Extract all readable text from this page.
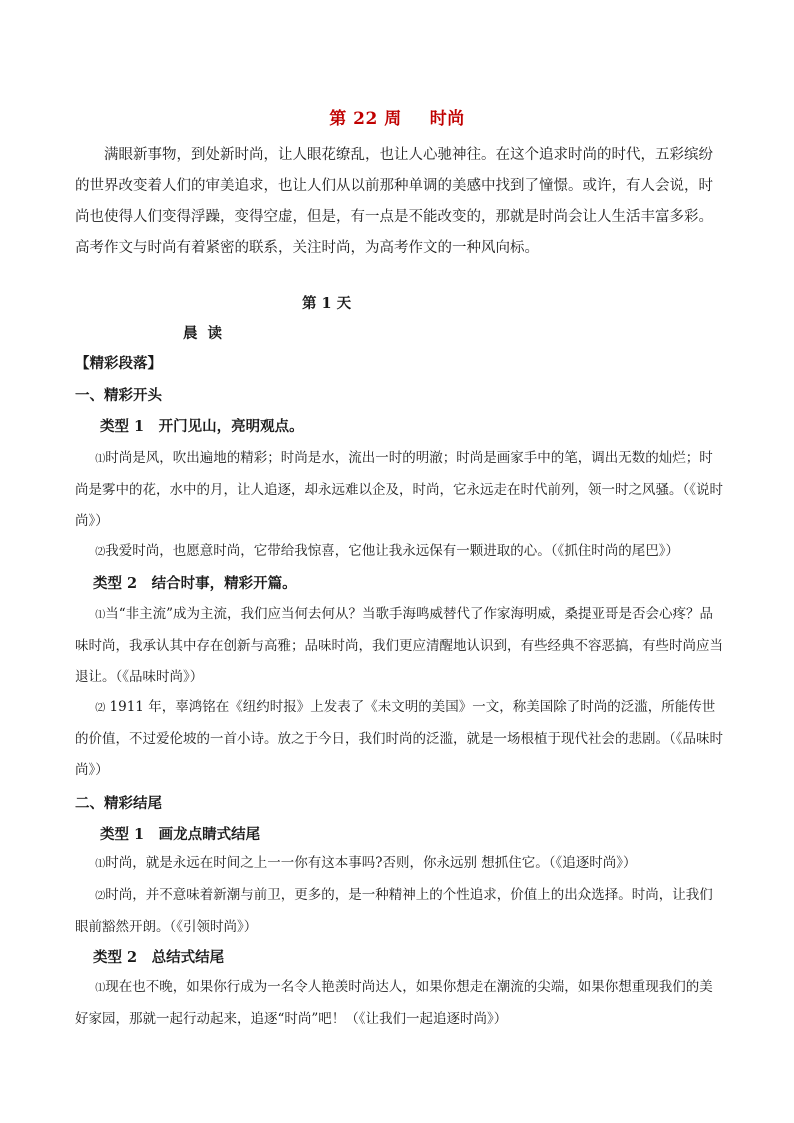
第 22 周 时尚

满眼新事物，到处新时尚，让人眼花缭乱，也让人心驰神往。在这个追求时尚的时代，五彩缤纷的世界改变着人们的审美追求，也让人们从以前那种单调的美感中找到了憧憬。或许，有人会说，时尚也使得人们变得浮躁，变得空虚，但是，有一点是不能改变的，那就是时尚会让人生活丰富多彩。高考作文与时尚有着紧密的联系，关注时尚，为高考作文的一种风向标。

第 1 天
晨读
【精彩段落】
一、精彩开头
类型 1　开门见山，亮明观点。

⑴时尚是风，吹出遍地的精彩；时尚是水，流出一时的明澈；时尚是画家手中的笔，调出无数的灿烂；时尚是雾中的花，水中的月，让人追逐，却永远难以企及，时尚，它永远走在时代前列，领一时之风骚。（《说时尚》）

⑵我爱时尚，也愿意时尚，它带给我惊喜，它他让我永远保有一颗进取的心。（《抓住时尚的尾巴》）

类型 2　结合时事，精彩开篇。

⑴当“非主流”成为主流，我们应当何去何从？当歌手海鸣威替代了作家海明威，桑提亚哥是否会心疼？品味时尚，我承认其中存在创新与高雅；品味时尚，我们更应清醒地认识到，有些经典不容恶搞，有些时尚应当退让。（《品味时尚》）

⑵ 1911 年，辜鸿铭在《纽约时报》上发表了《未文明的美国》一文，称美国除了时尚的泛滥，所能传世的价值，不过爱伦坡的一首小诗。放之于今日，我们时尚的泛滥，就是一场根植于现代社会的悲剧。（《品味时尚》）

二、精彩结尾
类型 1　画龙点睛式结尾

⑴时尚，就是永远在时间之上一一你有这本事吗?否则，你永远别 想抓住它。（《追逐时尚》）

⑵时尚，并不意味着新潮与前卫，更多的，是一种精神上的个性追求，价值上的出众选择。时尚，让我们眼前豁然开朗。（《引领时尚》）

类型 2　总结式结尾

⑴现在也不晚，如果你行成为一名令人艳羡时尚达人，如果你想走在潮流的尖端，如果你想重现我们的美好家园，那就一起行动起来，追逐“时尚”吧！（《让我们一起追逐时尚》）
